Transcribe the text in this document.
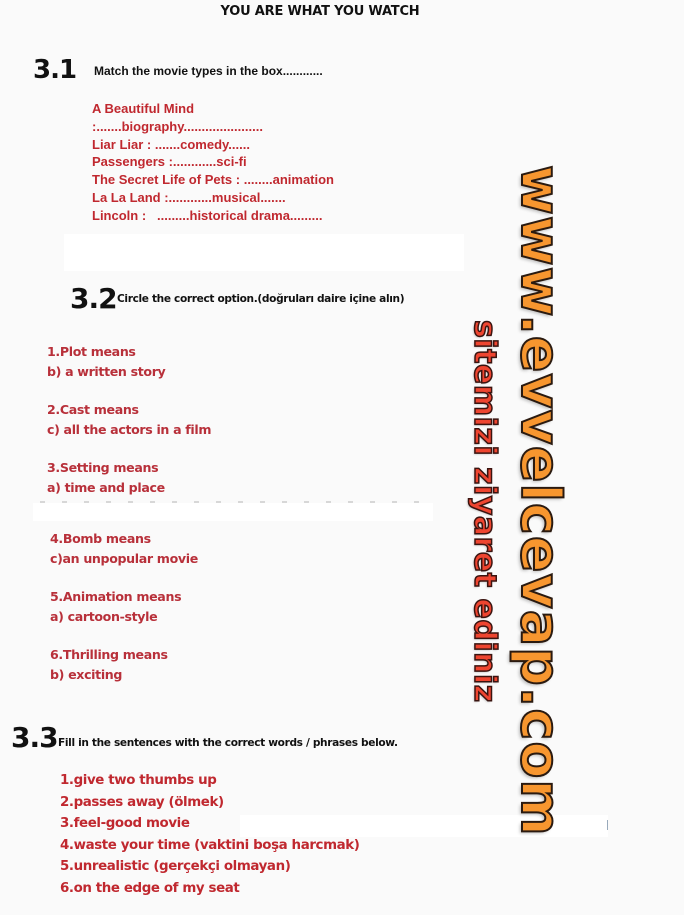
YOU ARE WHAT YOU WATCH
3.1 Match the movie types in the box............
A Beautiful Mind
:.......biography......................
Liar Liar : .......comedy......
Passengers :............sci-fi
The Secret Life of Pets : ........animation
La La Land :............musical.......
Lincoln :   .........historical drama.........
3.2 Circle the correct option.(doğruları daire içine alın)
1.Plot means
b) a written story
2.Cast means
c) all the actors in a film
3.Setting means
a) time and place
4.Bomb means
c)an unpopular movie
5.Animation means
a) cartoon-style
6.Thrilling means
b) exciting
3.3 Fill in the sentences with the correct words / phrases below.
1.give two thumbs up
2.passes away (ölmek)
3.feel-good movie
4.waste your time (vaktini boşa harcmak)
5.unrealistic (gerçekçi olmayan)
6.on the edge of my seat
www.evvelcevap.com
sitemizi ziyaret ediniz
